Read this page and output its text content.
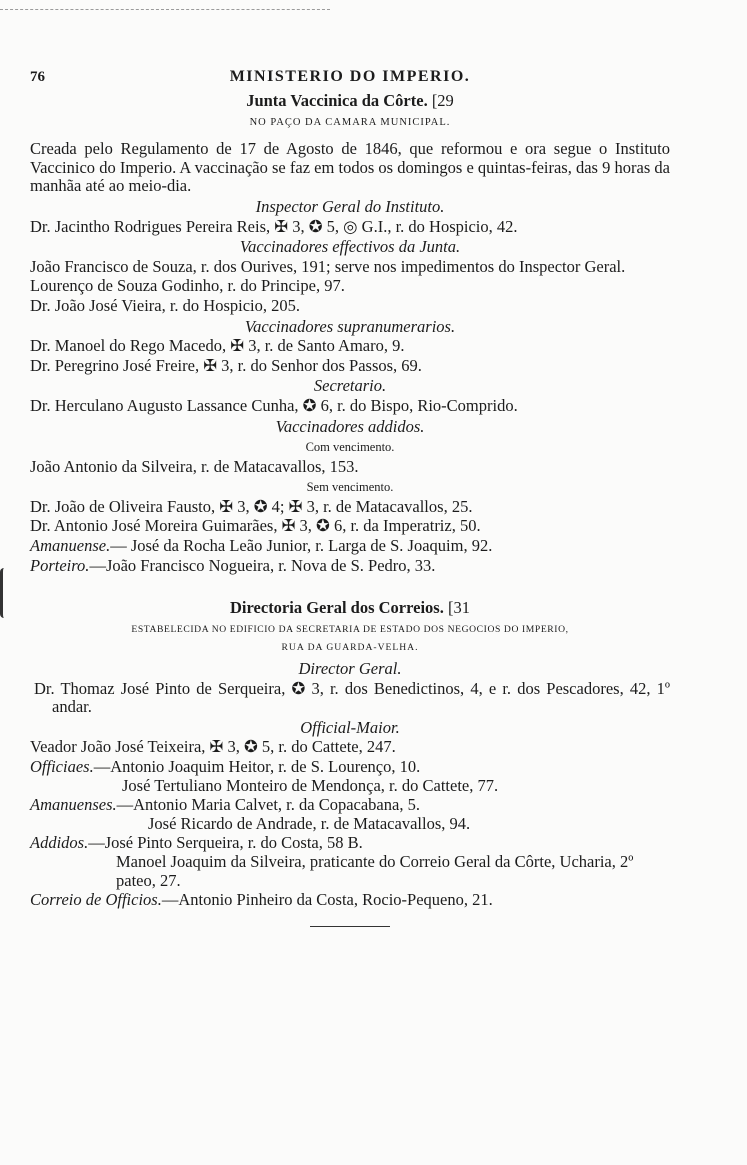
76	MINISTERIO DO IMPERIO.
Junta Vaccinica da Côrte. [29
NO PAÇO DA CAMARA MUNICIPAL.
Creada pelo Regulamento de 17 de Agosto de 1846, que reformou e ora segue o Instituto Vaccinico do Imperio. A vaccinação se faz em todos os domingos e quintas-feiras, das 9 horas da manhãa até ao meio-dia.
Inspector Geral do Instituto.
Dr. Jacintho Rodrigues Pereira Reis, ✠ 3, ✪ 5, ◎ G.I., r. do Hospicio, 42.
Vaccinadores effectivos da Junta.
João Francisco de Souza, r. dos Ourives, 191; serve nos impedimentos do Inspector Geral.
Lourenço de Souza Godinho, r. do Principe, 97.
Dr. João José Vieira, r. do Hospicio, 205.
Vaccinadores supranumerarios.
Dr. Manoel do Rego Macedo, ✠ 3, r. de Santo Amaro, 9.
Dr. Peregrino José Freire, ✠ 3, r. do Senhor dos Passos, 69.
Secretario.
Dr. Herculano Augusto Lassance Cunha, ✪ 6, r. do Bispo, Rio-Comprido.
Vaccinadores addidos.
Com vencimento.
João Antonio da Silveira, r. de Matacavallos, 153.
Sem vencimento.
Dr. João de Oliveira Fausto, ✠ 3, ✪ 4; ✠ 3, r. de Matacavallos, 25.
Dr. Antonio José Moreira Guimarães, ✠ 3, ✪ 6, r. da Imperatriz, 50.
Amanuense.— José da Rocha Leão Junior, r. Larga de S. Joaquim, 92.
Porteiro.—João Francisco Nogueira, r. Nova de S. Pedro, 33.
Directoria Geral dos Correios. [31
ESTABELECIDA NO EDIFICIO DA SECRETARIA DE ESTADO DOS NEGOCIOS DO IMPERIO,
RUA DA GUARDA-VELHA.
Director Geral.
Dr. Thomaz José Pinto de Serqueira, ✪ 3, r. dos Benedictinos, 4, e r. dos Pescadores, 42, 1º andar.
Official-Maior.
Veador João José Teixeira, ✠ 3, ✪ 5, r. do Cattete, 247.
Officiaes.—Antonio Joaquim Heitor, r. de S. Lourenço, 10.
José Tertuliano Monteiro de Mendonça, r. do Cattete, 77.
Amanuenses.—Antonio Maria Calvet, r. da Copacabana, 5.
José Ricardo de Andrade, r. de Matacavallos, 94.
Addidos.—José Pinto Serqueira, r. do Costa, 58 B.
Manoel Joaquim da Silveira, praticante do Correio Geral da Côrte, Ucharia, 2º pateo, 27.
Correio de Officios.—Antonio Pinheiro da Costa, Rocio-Pequeno, 21.
